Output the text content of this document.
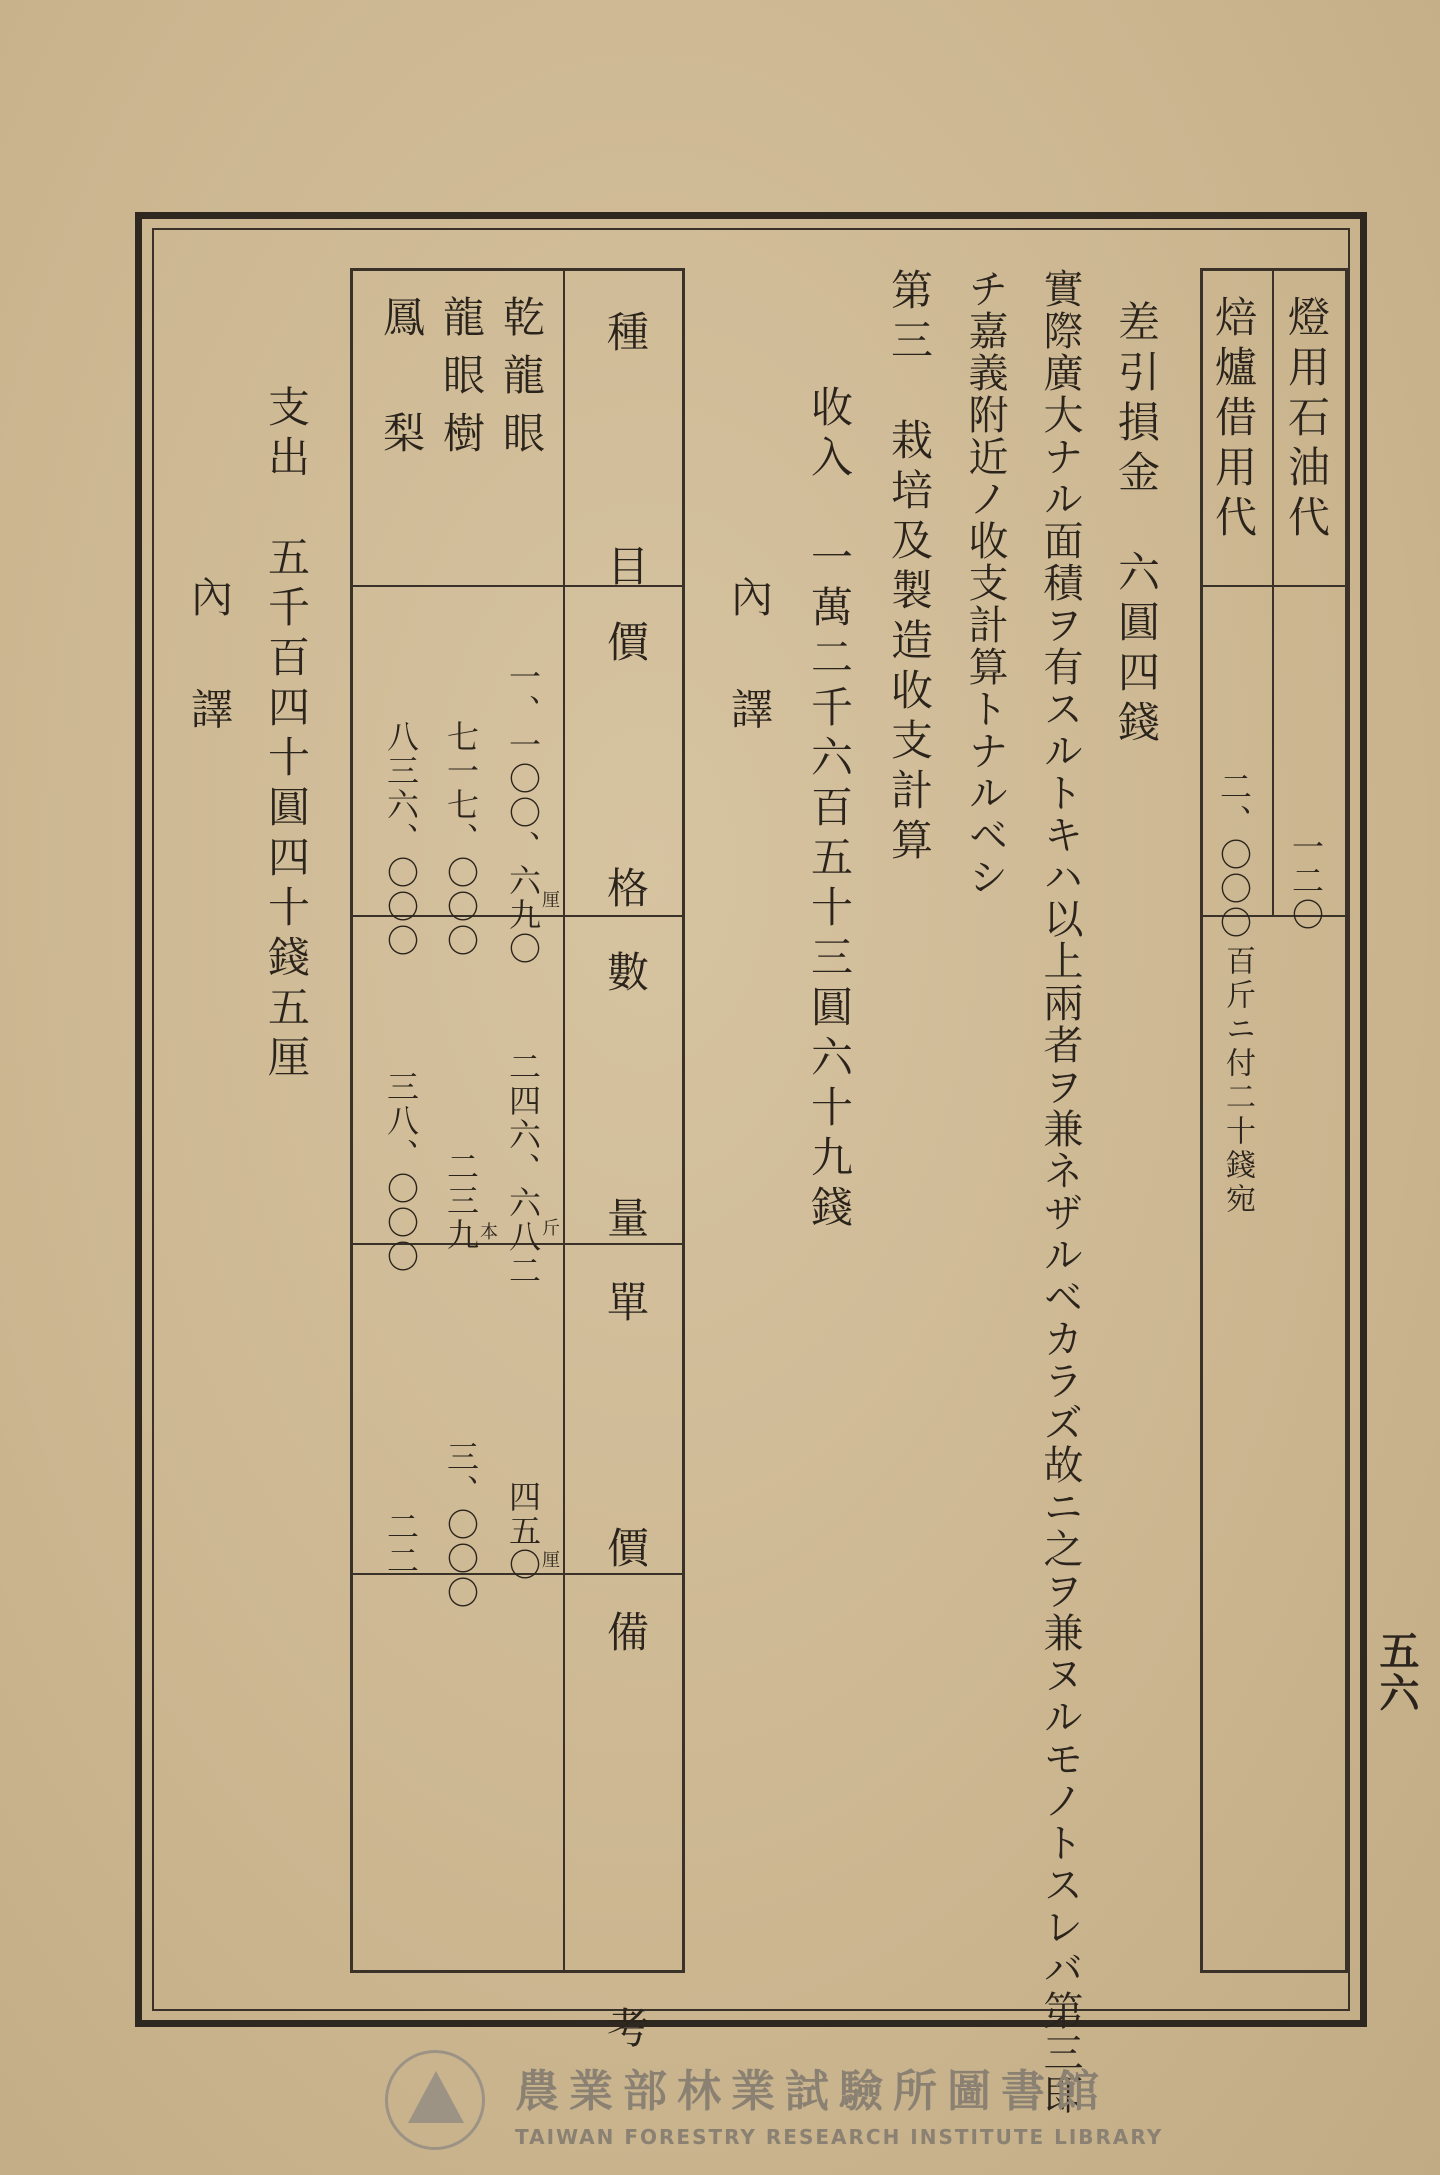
燈用石油代
焙爐借用代
一二〇
二、〇〇〇
百斤ニ付二十錢宛
差引損金　六圓四錢
實際廣大ナル面積ヲ有スルトキハ以上兩者ヲ兼ネザルベカラズ故ニ之ヲ兼ヌルモノトスレバ第三即
チ嘉義附近ノ收支計算トナルベシ
第三　栽培及製造收支計算
收入　一萬二千六百五十三圓六十九錢
內　譯
種　　目
價　　格
數　　量
單　　價
備　　考
乾龍眼
龍眼樹
鳳　梨
一、一〇〇、六九〇
厘
七一七、〇〇〇
八三六、〇〇〇
二四六、六八二
斤
二三九
本
三八、〇〇〇
四五〇
厘
三、〇〇〇
二二
支出　五千百四十圓四十錢五厘
內　譯
五六
農業部林業試驗所圖書館
TAIWAN FORESTRY RESEARCH INSTITUTE LIBRARY
